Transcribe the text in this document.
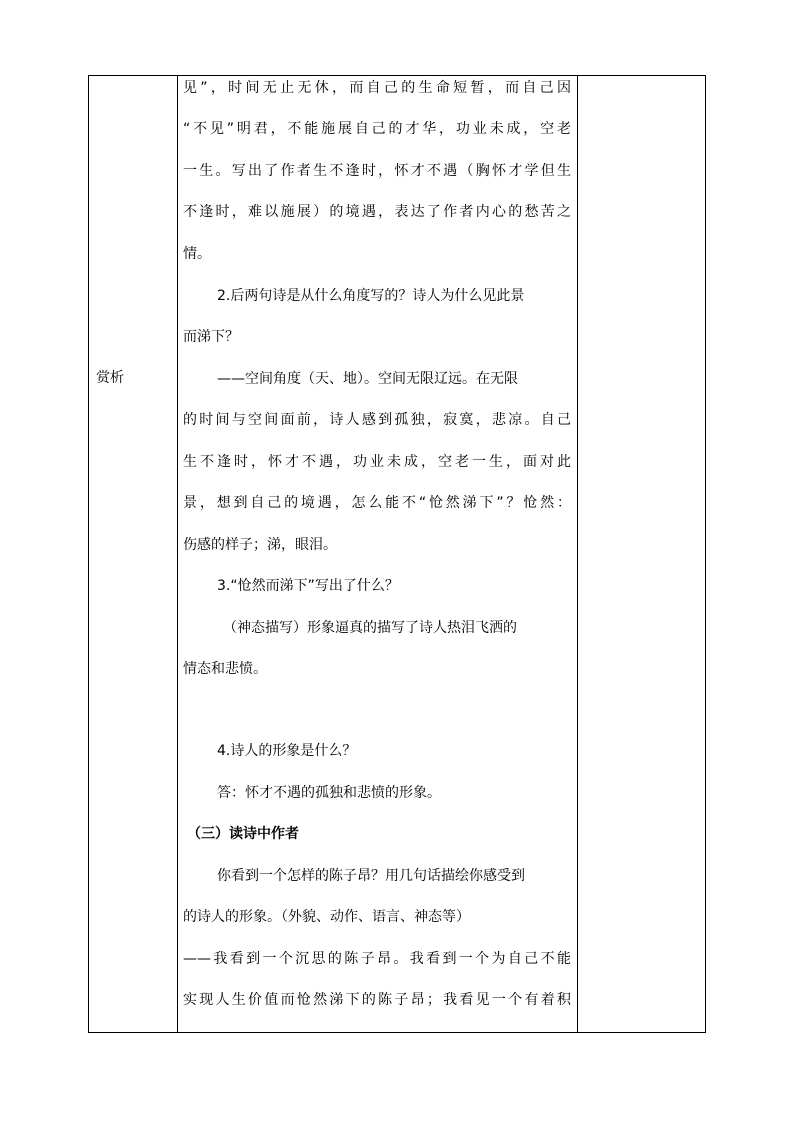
赏析
见”，时间无止无休，而自己的生命短暂，而自己因
“不见”明君，不能施展自己的才华，功业未成，空老
一生。写出了作者生不逢时，怀才不遇（胸怀才学但生
不逢时，难以施展）的境遇，表达了作者内心的愁苦之
情。
2.后两句诗是从什么角度写的？诗人为什么见此景
而涕下？
——空间角度（天、地）。空间无限辽远。在无限
的时间与空间面前，诗人感到孤独，寂寞，悲凉。自己
生不逢时，怀才不遇，功业未成，空老一生，面对此
景，想到自己的境遇，怎么能不“怆然涕下”？怆然：
伤感的样子；涕，眼泪。
3.“怆然而涕下”写出了什么？
（神态描写）形象逼真的描写了诗人热泪飞洒的
情态和悲愤。
4.诗人的形象是什么？
答：怀才不遇的孤独和悲愤的形象。
（三）读诗中作者
你看到一个怎样的陈子昂？用几句话描绘你感受到
的诗人的形象。（外貌、动作、语言、神态等）
——我看到一个沉思的陈子昂。我看到一个为自己不能
实现人生价值而怆然涕下的陈子昂；我看见一个有着积
